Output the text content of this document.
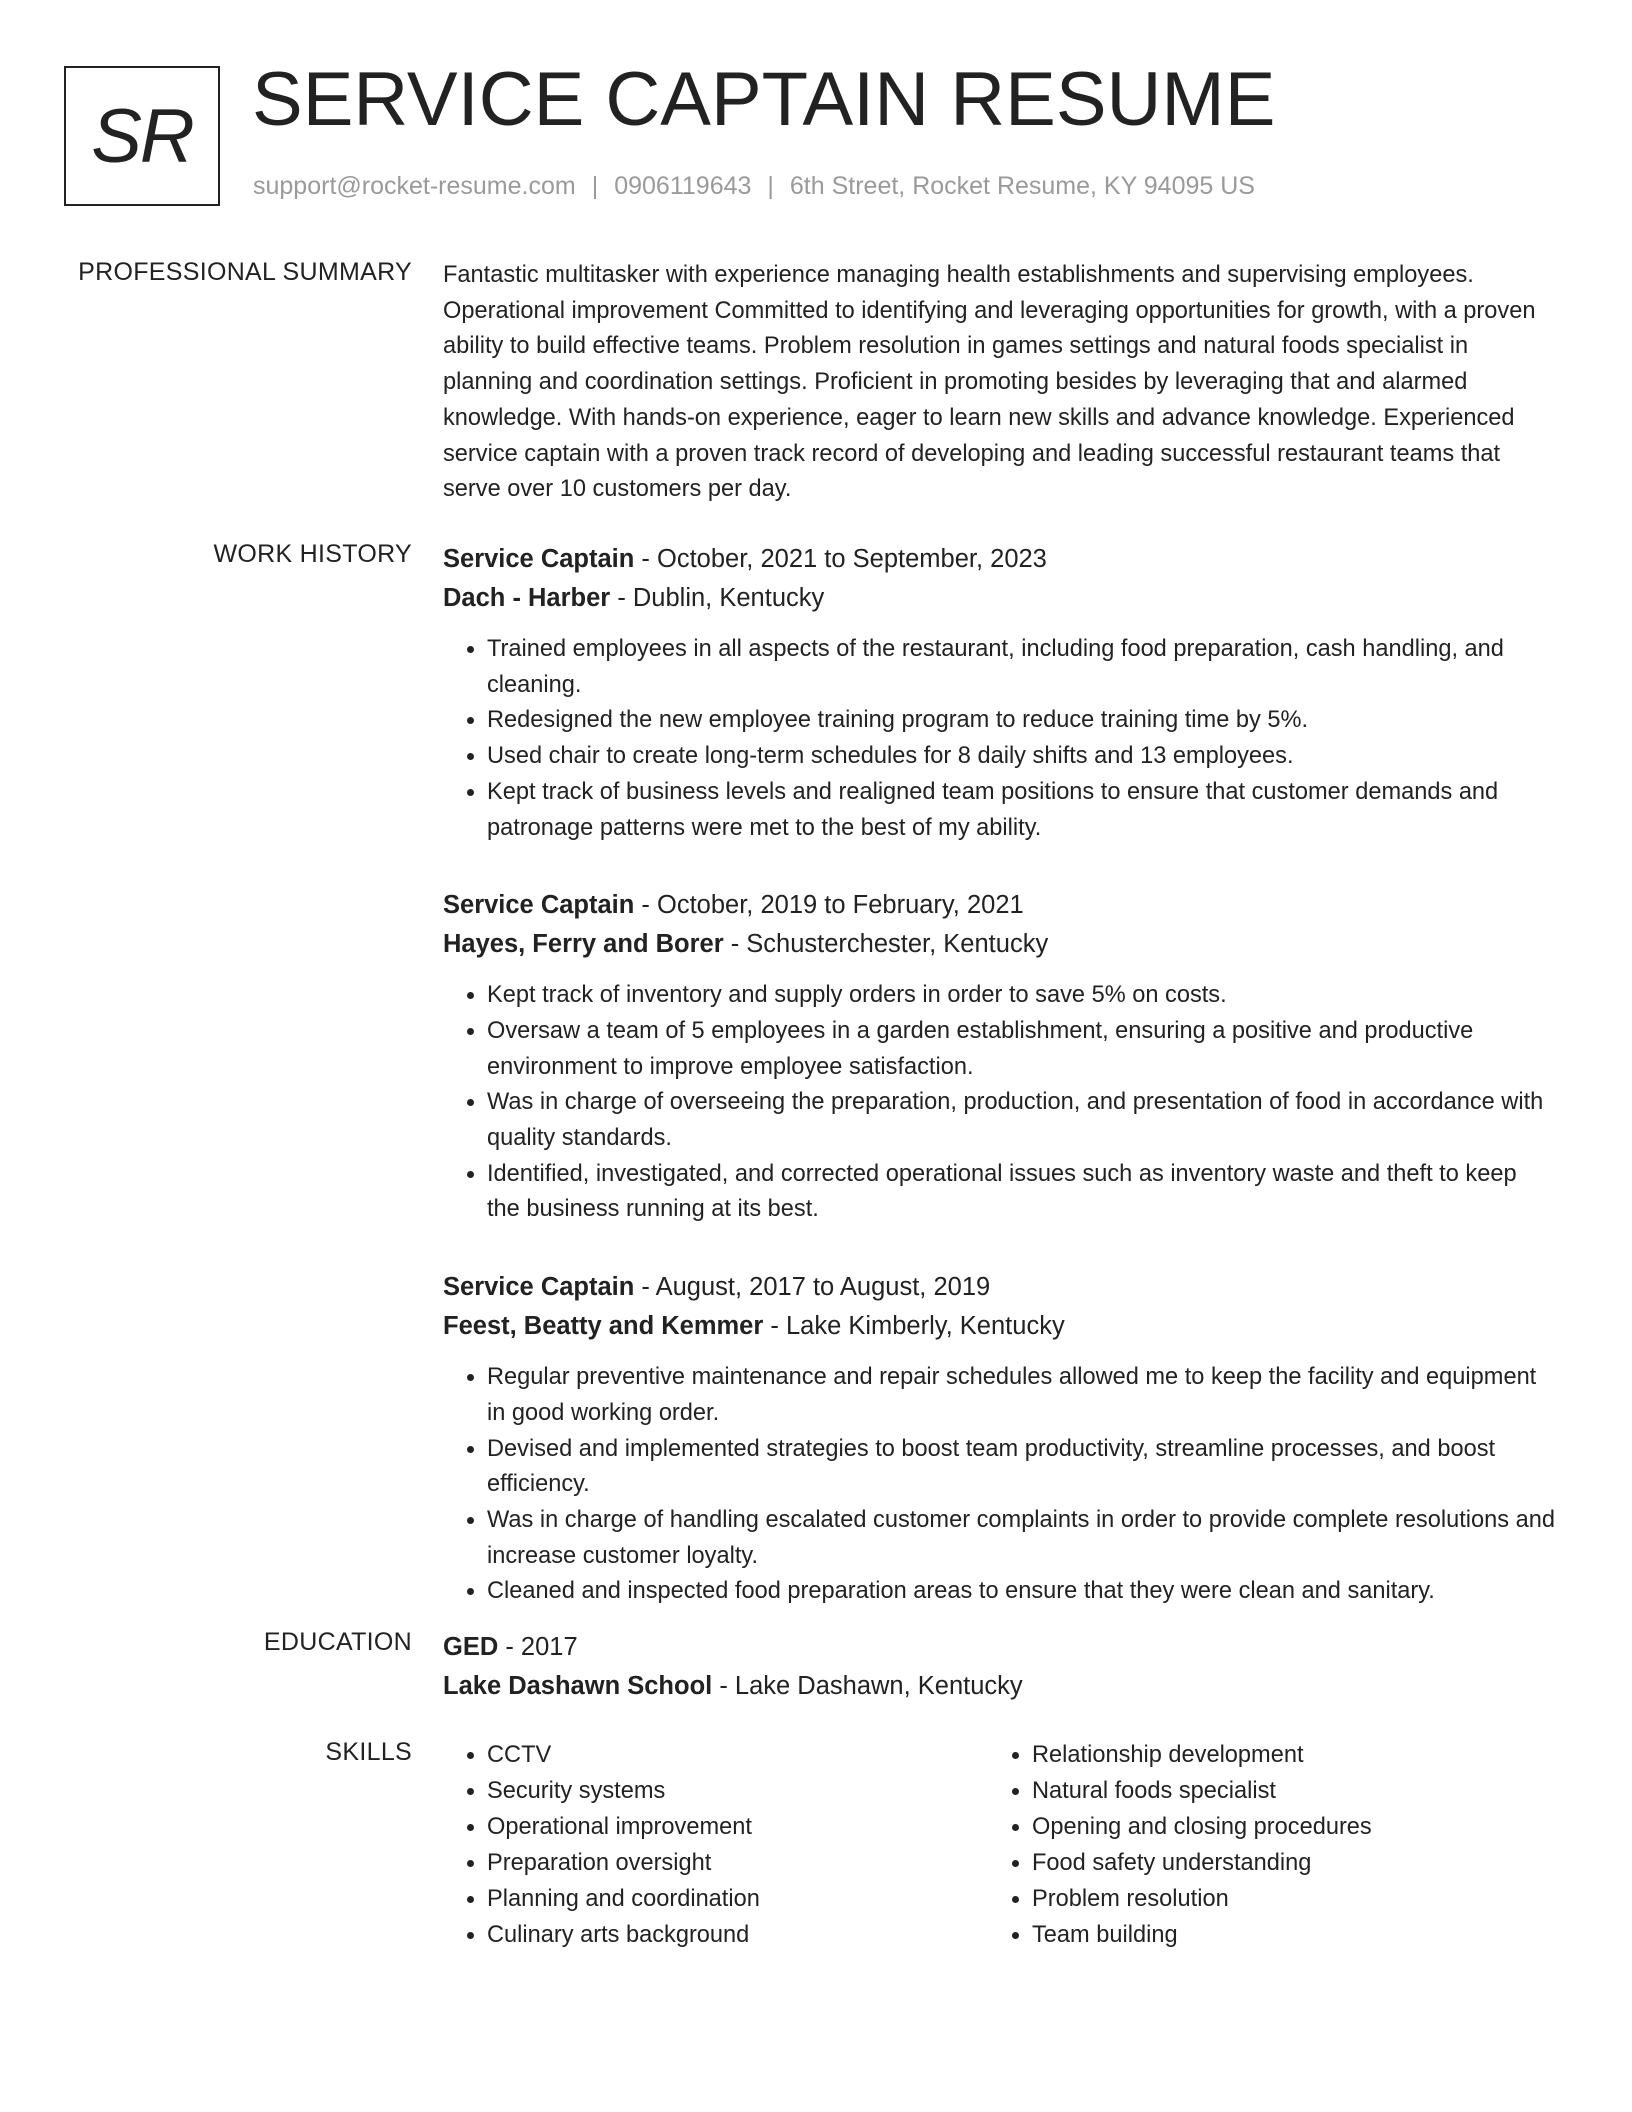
SR SERVICE CAPTAIN RESUME
support@rocket-resume.com | 0906119643 | 6th Street, Rocket Resume, KY 94095 US
PROFESSIONAL SUMMARY Fantastic multitasker with experience managing health establishments and supervising employees. Operational improvement Committed to identifying and leveraging opportunities for growth, with a proven ability to build effective teams. Problem resolution in games settings and natural foods specialist in planning and coordination settings. Proficient in promoting besides by leveraging that and alarmed knowledge. With hands-on experience, eager to learn new skills and advance knowledge. Experienced service captain with a proven track record of developing and leading successful restaurant teams that serve over 10 customers per day.

WORK HISTORY Service Captain - October, 2021 to September, 2023
Dach - Harber - Dublin, Kentucky
• Trained employees in all aspects of the restaurant, including food preparation, cash handling, and cleaning.
• Redesigned the new employee training program to reduce training time by 5%.
• Used chair to create long-term schedules for 8 daily shifts and 13 employees.
• Kept track of business levels and realigned team positions to ensure that customer demands and patronage patterns were met to the best of my ability.
Service Captain - October, 2019 to February, 2021
Hayes, Ferry and Borer - Schusterchester, Kentucky
• Kept track of inventory and supply orders in order to save 5% on costs.
• Oversaw a team of 5 employees in a garden establishment, ensuring a positive and productive environment to improve employee satisfaction.
• Was in charge of overseeing the preparation, production, and presentation of food in accordance with quality standards.
• Identified, investigated, and corrected operational issues such as inventory waste and theft to keep the business running at its best.
Service Captain - August, 2017 to August, 2019
Feest, Beatty and Kemmer - Lake Kimberly, Kentucky
• Regular preventive maintenance and repair schedules allowed me to keep the facility and equipment in good working order.
• Devised and implemented strategies to boost team productivity, streamline processes, and boost efficiency.
• Was in charge of handling escalated customer complaints in order to provide complete resolutions and increase customer loyalty.
• Cleaned and inspected food preparation areas to ensure that they were clean and sanitary.
EDUCATION GED - 2017
Lake Dashawn School - Lake Dashawn, Kentucky
SKILLS
•	CCTV
• Security systems
• Operational improvement
• Preparation oversight
• Planning and coordination
• Culinary arts background
• Relationship development
• Natural foods specialist
• Opening and closing procedures
• Food safety understanding
• Problem resolution
• Team building
